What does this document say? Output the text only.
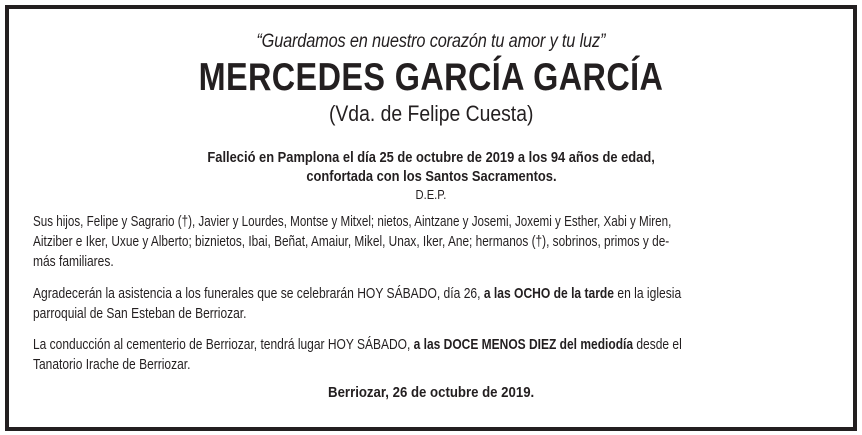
“Guardamos en nuestro corazón tu amor y tu luz”
MERCEDES GARCÍA GARCÍA
(Vda. de Felipe Cuesta)
Falleció en Pamplona el día 25 de octubre de 2019 a los 94 años de edad,
confortada con los Santos Sacramentos.
D.E.P.
Sus hijos, Felipe y Sagrario (†), Javier y Lourdes, Montse y Mitxel; nietos, Aintzane y Josemi, Joxemi y Esther, Xabi y Miren,
Aitziber e Iker, Uxue y Alberto; biznietos, Ibai, Beñat, Amaiur, Mikel, Unax, Iker, Ane; hermanos (†), sobrinos, primos y de-
más familiares.
Agradecerán la asistencia a los funerales que se celebrarán HOY SÁBADO, día 26, a las OCHO de la tarde en la iglesia
parroquial de San Esteban de Berriozar.
La conducción al cementerio de Berriozar, tendrá lugar HOY SÁBADO, a las DOCE MENOS DIEZ del mediodía desde el
Tanatorio Irache de Berriozar.
Berriozar, 26 de octubre de 2019.
